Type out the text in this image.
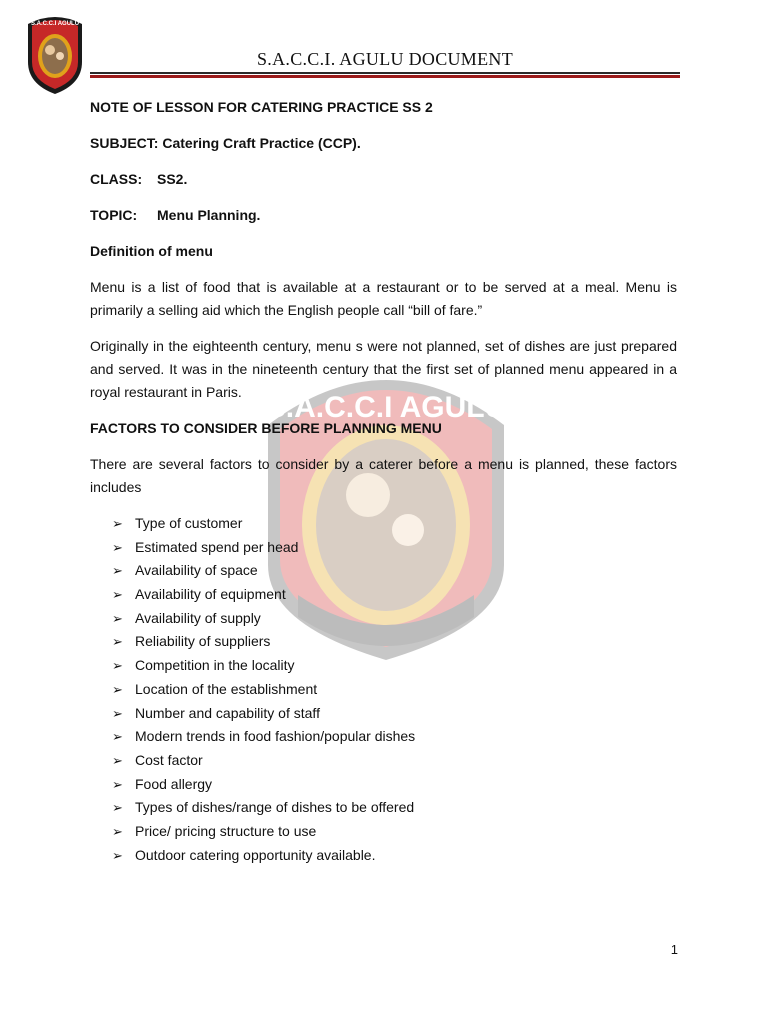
S.A.C.C.I AGULU
S.A.C.C.I. AGULU DOCUMENT
S.A.C.C.I AGULU

NOTE OF LESSON FOR CATERING PRACTICE SS 2

SUBJECT: Catering Craft Practice (CCP).

CLASS: SS2.

TOPIC: Menu Planning.

Definition of menu

Menu is a list of food that is available at a restaurant or to be served at a meal. Menu is primarily a selling aid which the English people call “bill of fare.”

Originally in the eighteenth century, menu s were not planned, set of dishes are just prepared and served. It was in the nineteenth century that the first set of planned menu appeared in a royal restaurant in Paris.

FACTORS TO CONSIDER BEFORE PLANNING MENU

There are several factors to consider by a caterer before a menu is planned, these factors includes

➢ Type of customer
➢ Estimated spend per head
➢ Availability of space
➢ Availability of equipment
➢ Availability of supply
➢ Reliability of suppliers
➢ Competition in the locality
➢ Location of the establishment
➢ Number and capability of staff
➢ Modern trends in food fashion/popular dishes
➢ Cost factor
➢ Food allergy
➢ Types of dishes/range of dishes to be offered
➢ Price/ pricing structure to use
➢ Outdoor catering opportunity available.
1
